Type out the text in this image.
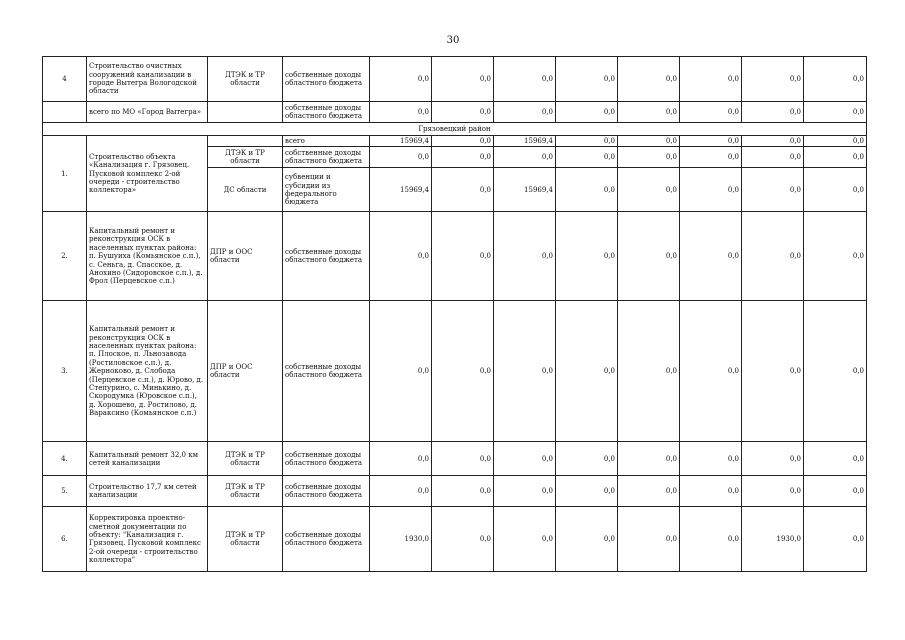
30
4	Строительство очистных сооружений канализации в городе Вытегра Вологодской области	ДТЭК и ТР области	собственные доходы областного бюджета	0,0	0,0	0,0	0,0	0,0	0,0	0,0	0,0
	всего по МО «Город Вытегра»		собственные доходы областного бюджета	0,0	0,0	0,0	0,0	0,0	0,0	0,0	0,0
Грязовецкий район											
1.	Строительство объекта «Канализация г. Грязовец. Пусковой комплекс 2-ой очереди - строительство коллектора»		всего	15969,4	0,0	15969,4	0,0	0,0	0,0	0,0	0,0
		ДТЭК и ТР области	собственные доходы областного бюджета	0,0	0,0	0,0	0,0	0,0	0,0	0,0	0,0
		ДС области	субвенции и субсидии из федерального бюджета	15969,4	0,0	15969,4	0,0	0,0	0,0	0,0	0,0
2.	Капитальный ремонт и реконструкция ОСК в населенных пунктах района: п. Бушуиха (Комьянское с.п.), с. Сеньга, д. Спасское, д. Анохино (Сидоровское с.п.), д. Фрол (Перцевское с.п.)	ДПР и ООС области	собственные доходы областного бюджета	0,0	0,0	0,0	0,0	0,0	0,0	0,0	0,0
3.	Капитальный ремонт и реконструкция ОСК в населенных пунктах района: п. Плоское, п. Льнозавода (Ростиловское с.п.), д. Жерноково, д. Слобода (Перцевское с.п.), д. Юрово, д. Степурино, с. Минькино, д. Скородумка (Юровское с.п.), д. Хорошево, д. Ростилово, д. Вараксино (Комьянское с.п.)	ДПР и ООС области	собственные доходы областного бюджета	0,0	0,0	0,0	0,0	0,0	0,0	0,0	0,0
4.	Капитальный ремонт 32,0 км сетей канализации	ДТЭК и ТР области	собственные доходы областного бюджета	0,0	0,0	0,0	0,0	0,0	0,0	0,0	0,0
5.	Строительство 17,7 км сетей канализации	ДТЭК и ТР области	собственные доходы областного бюджета	0,0	0,0	0,0	0,0	0,0	0,0	0,0	0,0
6.	Корректировка проектно-сметной документации по объекту: "Канализация г. Грязовец. Пусковой комплекс 2-ой очереди - строительство коллектора"	ДТЭК и ТР области	собственные доходы областного бюджета	1930,0	0,0	0,0	0,0	0,0	0,0	1930,0	0,0
